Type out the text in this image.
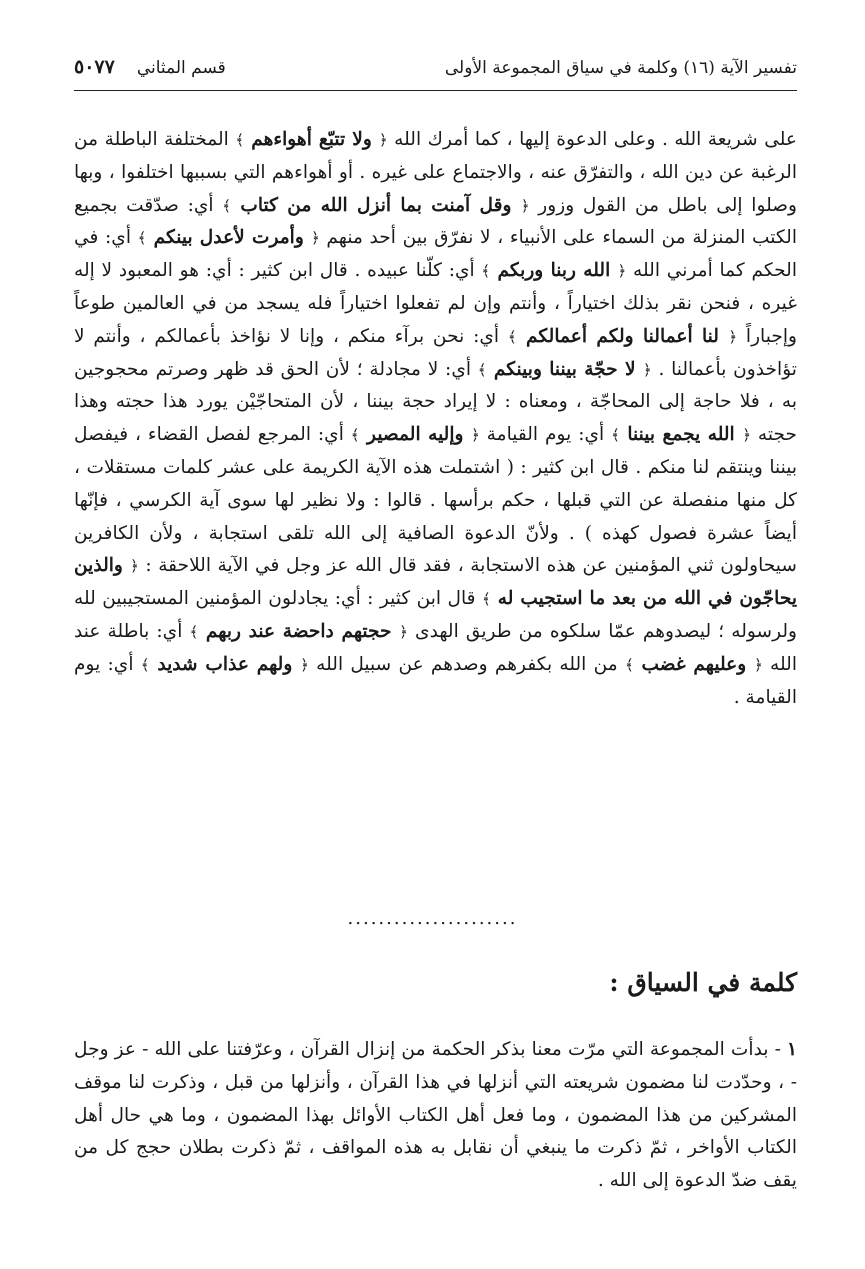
تفسير الآية (١٦) وكلمة في سياق المجموعة الأولى
قسم المثاني
٥٠٧٧

على شريعة الله . وعلى الدعوة إليها ، كما أمرك الله ﴿ ولا تتبّع أهواءهم ﴾ المختلفة الباطلة من الرغبة عن دين الله ، والتفرّق عنه ، والاجتماع على غيره . أو أهواءهم التي بسببها اختلفوا ، وبها وصلوا إلى باطل من القول وزور ﴿ وقل آمنت بما أنزل الله من كتاب ﴾ أي: صدّقت بجميع الكتب المنزلة من السماء على الأنبياء ، لا نفرّق بين أحد منهم ﴿ وأمرت لأعدل بينكم ﴾ أي: في الحكم كما أمرني الله ﴿ الله ربنا وربكم ﴾ أي: كلّنا عبيده . قال ابن كثير : أي: هو المعبود لا إله غيره ، فنحن نقر بذلك اختياراً ، وأنتم وإن لم تفعلوا اختياراً فله يسجد من في العالمين طوعاً وإجباراً ﴿ لنا أعمالنا ولكم أعمالكم ﴾ أي: نحن برآء منكم ، وإنا لا نؤاخذ بأعمالكم ، وأنتم لا تؤاخذون بأعمالنا . ﴿ لا حجّة بيننا وبينكم ﴾ أي: لا مجادلة ؛ لأن الحق قد ظهر وصرتم محجوجين به ، فلا حاجة إلى المحاجّة ، ومعناه : لا إيراد حجة بيننا ، لأن المتحاجّيْن يورد هذا حجته وهذا حجته ﴿ الله يجمع بيننا ﴾ أي: يوم القيامة ﴿ وإليه المصير ﴾ أي: المرجع لفصل القضاء ، فيفصل بيننا وينتقم لنا منكم . قال ابن كثير : ( اشتملت هذه الآية الكريمة على عشر كلمات مستقلات ، كل منها منفصلة عن التي قبلها ، حكم برأسها . قالوا : ولا نظير لها سوى آية الكرسي ، فإنّها أيضاً عشرة فصول كهذه ) . ولأنّ الدعوة الصافية إلى الله تلقى استجابة ، ولأن الكافرين سيحاولون ثني المؤمنين عن هذه الاستجابة ، فقد قال الله عز وجل في الآية اللاحقة : ﴿ والذين يحاجّون في الله من بعد ما استجيب له ﴾ قال ابن كثير : أي: يجادلون المؤمنين المستجيبين لله ولرسوله ؛ ليصدوهم عمّا سلكوه من طريق الهدى ﴿ حجتهم داحضة عند ربهم ﴾ أي: باطلة عند الله ﴿ وعليهم غضب ﴾ من الله بكفرهم وصدهم عن سبيل الله ﴿ ولهم عذاب شديد ﴾ أي: يوم القيامة .

......................
كلمة في السياق :

١ - بدأت المجموعة التي مرّت معنا بذكر الحكمة من إنزال القرآن ، وعرّفتنا على الله - عز وجل - ، وحدّدت لنا مضمون شريعته التي أنزلها في هذا القرآن ، وأنزلها من قبل ، وذكرت لنا موقف المشركين من هذا المضمون ، وما فعل أهل الكتاب الأوائل بهذا المضمون ، وما هي حال أهل الكتاب الأواخر ، ثمّ ذكرت ما ينبغي أن نقابل به هذه المواقف ، ثمّ ذكرت بطلان حجج كل من يقف ضدّ الدعوة إلى الله .
